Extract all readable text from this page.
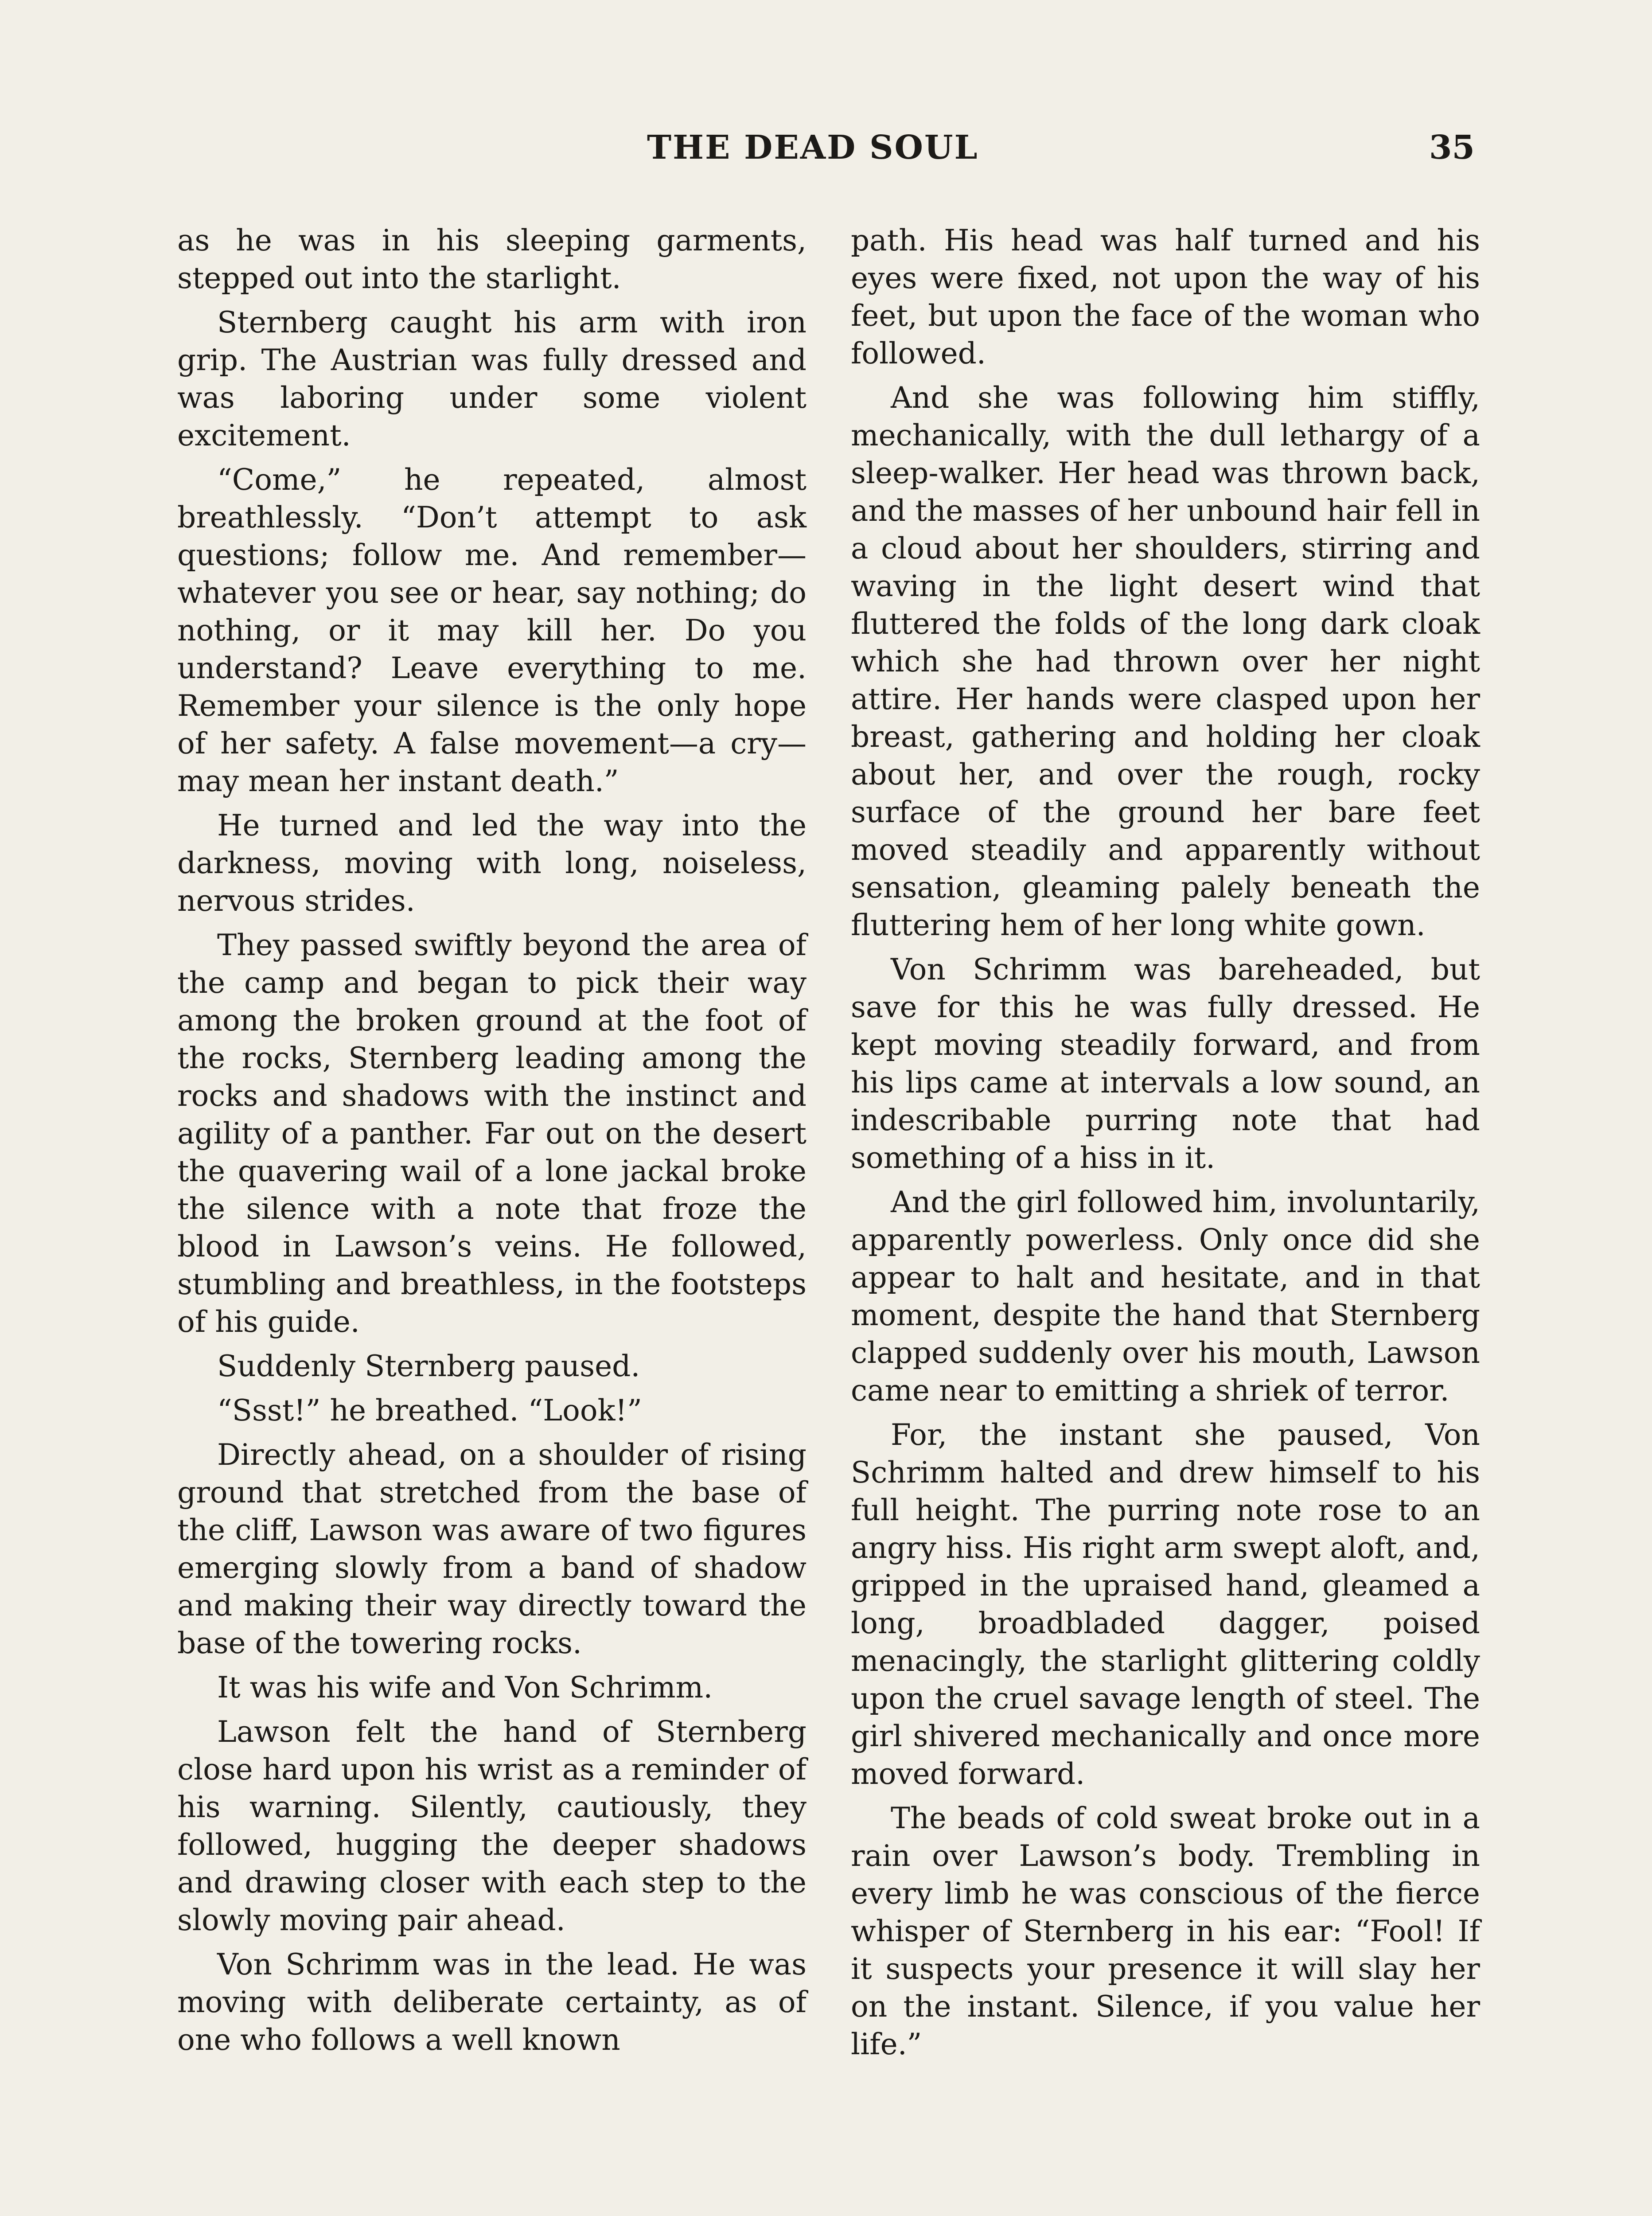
THE DEAD SOUL	35

as he was in his sleeping garments, stepped out into the starlight.

Sternberg caught his arm with iron grip. The Austrian was fully dressed and was laboring under some violent excitement.

“Come,” he repeated, almost breathlessly. “Don’t attempt to ask questions; follow me. And remember—whatever you see or hear, say nothing; do nothing, or it may kill her. Do you understand? Leave everything to me. Remember your silence is the only hope of her safety. A false movement—a cry—may mean her instant death.”

He turned and led the way into the darkness, moving with long, noiseless, nervous strides.

They passed swiftly beyond the area of the camp and began to pick their way among the broken ground at the foot of the rocks, Sternberg leading among the rocks and shadows with the instinct and agility of a panther. Far out on the desert the quavering wail of a lone jackal broke the silence with a note that froze the blood in Lawson’s veins. He followed, stumbling and breathless, in the footsteps of his guide.

Suddenly Sternberg paused.

“Ssst!” he breathed. “Look!”

Directly ahead, on a shoulder of rising ground that stretched from the base of the cliff, Lawson was aware of two figures emerging slowly from a band of shadow and making their way directly toward the base of the towering rocks.

It was his wife and Von Schrimm.

Lawson felt the hand of Sternberg close hard upon his wrist as a reminder of his warning. Silently, cautiously, they followed, hugging the deeper shadows and drawing closer with each step to the slowly moving pair ahead.

Von Schrimm was in the lead. He was moving with deliberate certainty, as of one who follows a well known

path. His head was half turned and his eyes were fixed, not upon the way of his feet, but upon the face of the woman who followed.

And she was following him stiffly, mechanically, with the dull lethargy of a sleep-walker. Her head was thrown back, and the masses of her unbound hair fell in a cloud about her shoulders, stirring and waving in the light desert wind that fluttered the folds of the long dark cloak which she had thrown over her night attire. Her hands were clasped upon her breast, gathering and holding her cloak about her, and over the rough, rocky surface of the ground her bare feet moved steadily and apparently without sensation, gleaming palely beneath the fluttering hem of her long white gown.

Von Schrimm was bareheaded, but save for this he was fully dressed. He kept moving steadily forward, and from his lips came at intervals a low sound, an indescribable purring note that had something of a hiss in it.

And the girl followed him, involuntarily, apparently powerless. Only once did she appear to halt and hesitate, and in that moment, despite the hand that Sternberg clapped suddenly over his mouth, Lawson came near to emitting a shriek of terror.

For, the instant she paused, Von Schrimm halted and drew himself to his full height. The purring note rose to an angry hiss. His right arm swept aloft, and, gripped in the upraised hand, gleamed a long, broadbladed dagger, poised menacingly, the starlight glittering coldly upon the cruel savage length of steel. The girl shivered mechanically and once more moved forward.

The beads of cold sweat broke out in a rain over Lawson’s body. Trembling in every limb he was conscious of the fierce whisper of Sternberg in his ear: “Fool! If it suspects your presence it will slay her on the instant. Silence, if you value her life.”
